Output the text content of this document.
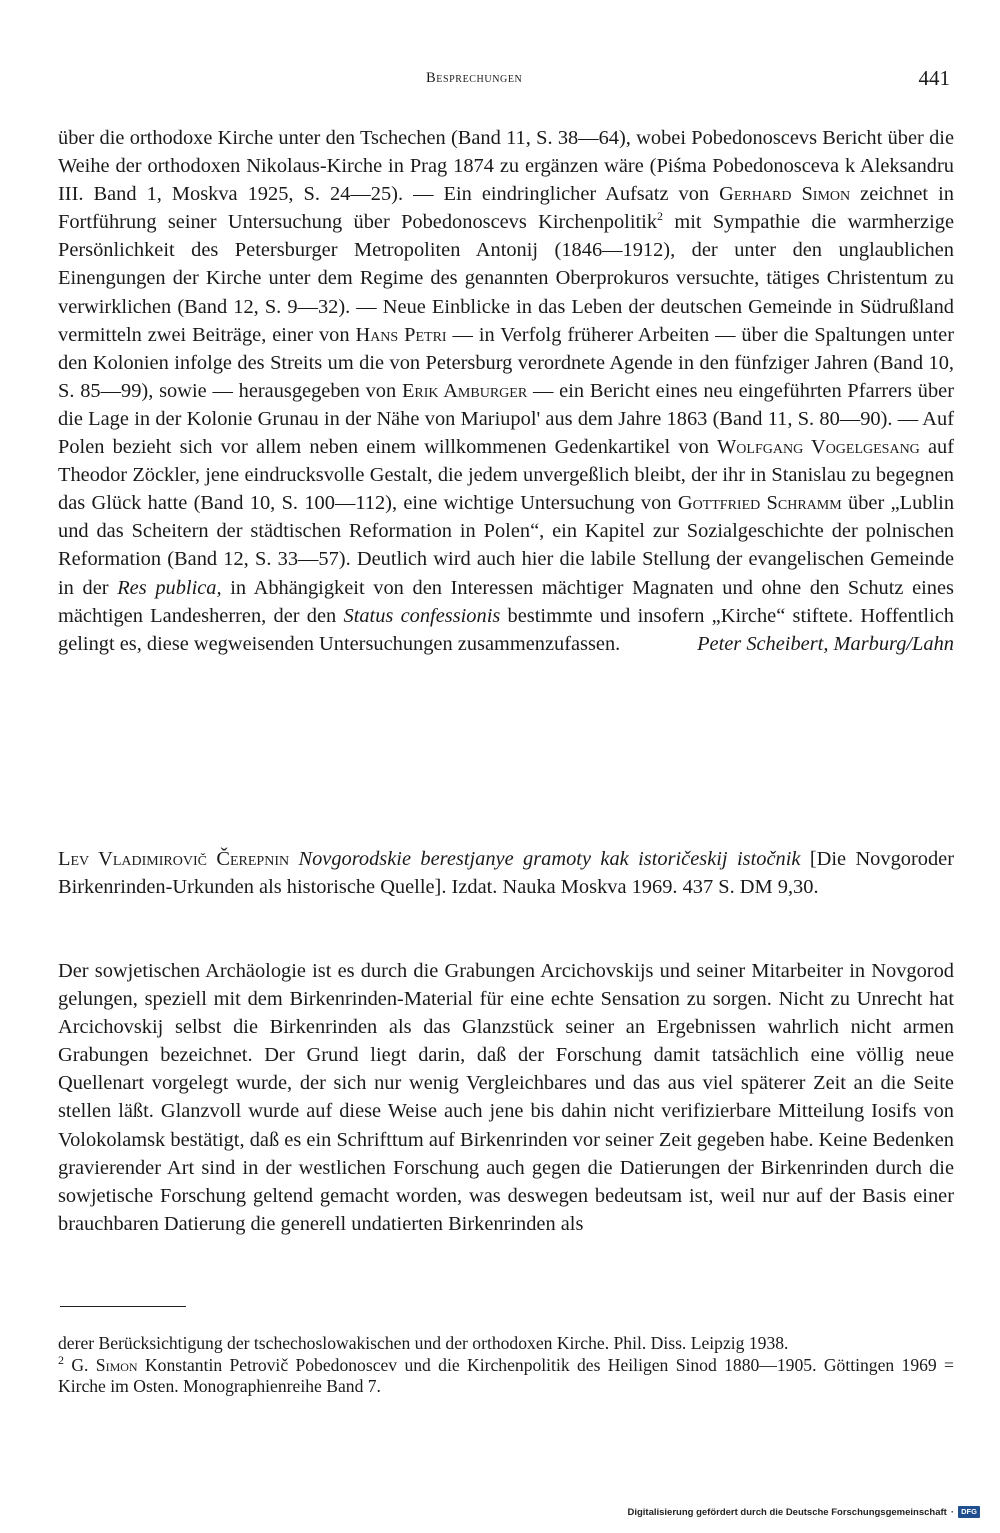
Besprechungen	441

über die orthodoxe Kirche unter den Tschechen (Band 11, S. 38—64), wobei Pobedonoscevs Bericht über die Weihe der orthodoxen Nikolaus-Kirche in Prag 1874 zu ergänzen wäre (Piśma Pobedonosceva k Aleksandru III. Band 1, Moskva 1925, S. 24—25). — Ein eindringlicher Aufsatz von Gerhard Simon zeichnet in Fortführung seiner Untersuchung über Pobedonoscevs Kirchenpolitik$^2$ mit Sympathie die warmherzige Persönlichkeit des Petersburger Metropoliten Antonij (1846—1912), der unter den unglaublichen Einengungen der Kirche unter dem Regime des genannten Oberprokuros versuchte, tätiges Christentum zu verwirklichen (Band 12, S. 9—32). — Neue Einblicke in das Leben der deutschen Gemeinde in Südrußland vermitteln zwei Beiträge, einer von Hans Petri — in Verfolg früherer Arbeiten — über die Spaltungen unter den Kolonien infolge des Streits um die von Petersburg verordnete Agende in den fünfziger Jahren (Band 10, S. 85—99), sowie — herausgegeben von Erik Amburger — ein Bericht eines neu eingeführten Pfarrers über die Lage in der Kolonie Grunau in der Nähe von Mariupol' aus dem Jahre 1863 (Band 11, S. 80—90). — Auf Polen bezieht sich vor allem neben einem willkommenen Gedenkartikel von Wolfgang Vogelgesang auf Theodor Zöckler, jene eindrucksvolle Gestalt, die jedem unvergeßlich bleibt, der ihr in Stanislau zu begegnen das Glück hatte (Band 10, S. 100—112), eine wichtige Untersuchung von Gottfried Schramm über „Lublin und das Scheitern der städtischen Reformation in Polen“, ein Kapitel zur Sozialgeschichte der polnischen Reformation (Band 12, S. 33—57). Deutlich wird auch hier die labile Stellung der evangelischen Gemeinde in der Res publica, in Abhängigkeit von den Interessen mächtiger Magnaten und ohne den Schutz eines mächtigen Landesherren, der den Status confessionis bestimmte und insofern „Kirche“ stiftete. Hoffentlich gelingt es, diese wegweisenden Untersuchungen zusammenzufassen.	Peter Scheibert, Marburg/Lahn

Lev Vladimirovič Čerepnin Novgorodskie berestjanye gramoty kak istoričeskij istočnik [Die Novgoroder Birkenrinden-Urkunden als historische Quelle]. Izdat. Nauka Moskva 1969. 437 S. DM 9,30.

Der sowjetischen Archäologie ist es durch die Grabungen Arcichovskijs und seiner Mitarbeiter in Novgorod gelungen, speziell mit dem Birkenrinden-Material für eine echte Sensation zu sorgen. Nicht zu Unrecht hat Arcichovskij selbst die Birkenrinden als das Glanzstück seiner an Ergebnissen wahrlich nicht armen Grabungen bezeichnet. Der Grund liegt darin, daß der Forschung damit tatsächlich eine völlig neue Quellenart vorgelegt wurde, der sich nur wenig Vergleichbares und das aus viel späterer Zeit an die Seite stellen läßt. Glanzvoll wurde auf diese Weise auch jene bis dahin nicht verifizierbare Mitteilung Iosifs von Volokolamsk bestätigt, daß es ein Schrifttum auf Birkenrinden vor seiner Zeit gegeben habe. Keine Bedenken gravierender Art sind in der westlichen Forschung auch gegen die Datierungen der Birkenrinden durch die sowjetische Forschung geltend gemacht worden, was deswegen bedeutsam ist, weil nur auf der Basis einer brauchbaren Datierung die generell undatierten Birkenrinden als

derer Berücksichtigung der tschechoslowakischen und der orthodoxen Kirche. Phil. Diss. Leipzig 1938.

$^2$ G. Simon Konstantin Petrovič Pobedonoscev und die Kirchenpolitik des Heiligen Sinod 1880—1905. Göttingen 1969 = Kirche im Osten. Monographienreihe Band 7.

Digitalisierung gefördert durch die Deutsche Forschungsgemeinschaft · DFG
